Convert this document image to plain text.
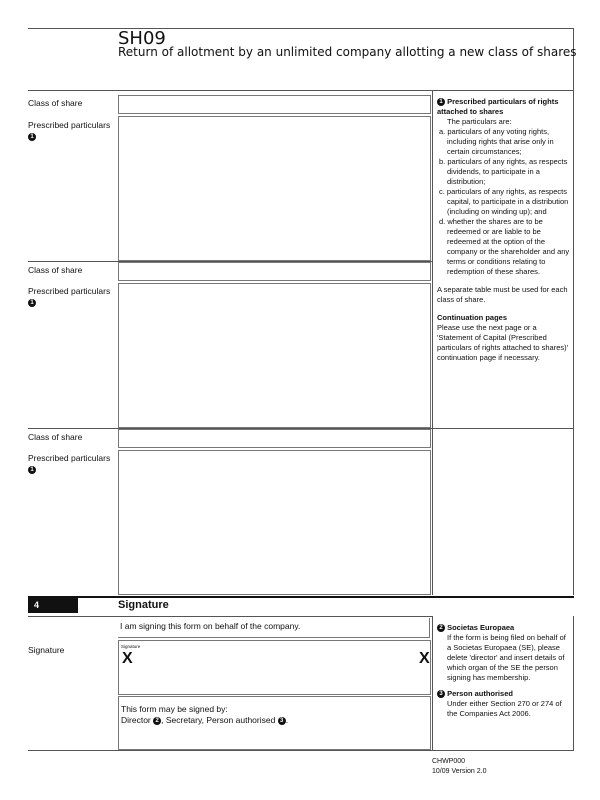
SH09
Return of allotment by an unlimited company allotting a new class of shares
Class of share
Prescribed particulars
1
Class of share
Prescribed particulars
1
Class of share
Prescribed particulars
1
1 Prescribed particulars of rights attached to shares
The particulars are:
a. particulars of any voting rights, including rights that arise only in certain circumstances;
b. particulars of any rights, as respects dividends, to participate in a distribution;
c. particulars of any rights, as respects capital, to participate in a distribution (including on winding up); and
d. whether the shares are to be redeemed or are liable to be redeemed at the option of the company or the shareholder and any terms or conditions relating to redemption of these shares.
A separate table must be used for each class of share.
Continuation pages
Please use the next page or a 'Statement of Capital (Prescribed particulars of rights attached to shares)' continuation page if necessary.
4	Signature
I am signing this form on behalf of the company.
Signature	Signature
X	X
This form may be signed by:
Director 2 , Secretary, Person authorised 3 .
2 Societas Europaea
If the form is being filed on behalf of a Societas Europaea (SE), please delete 'director' and insert details of which organ of the SE the person signing has membership.
3 Person authorised
Under either Section 270 or 274 of the Companies Act 2006.
CHWP000
10/09 Version 2.0
